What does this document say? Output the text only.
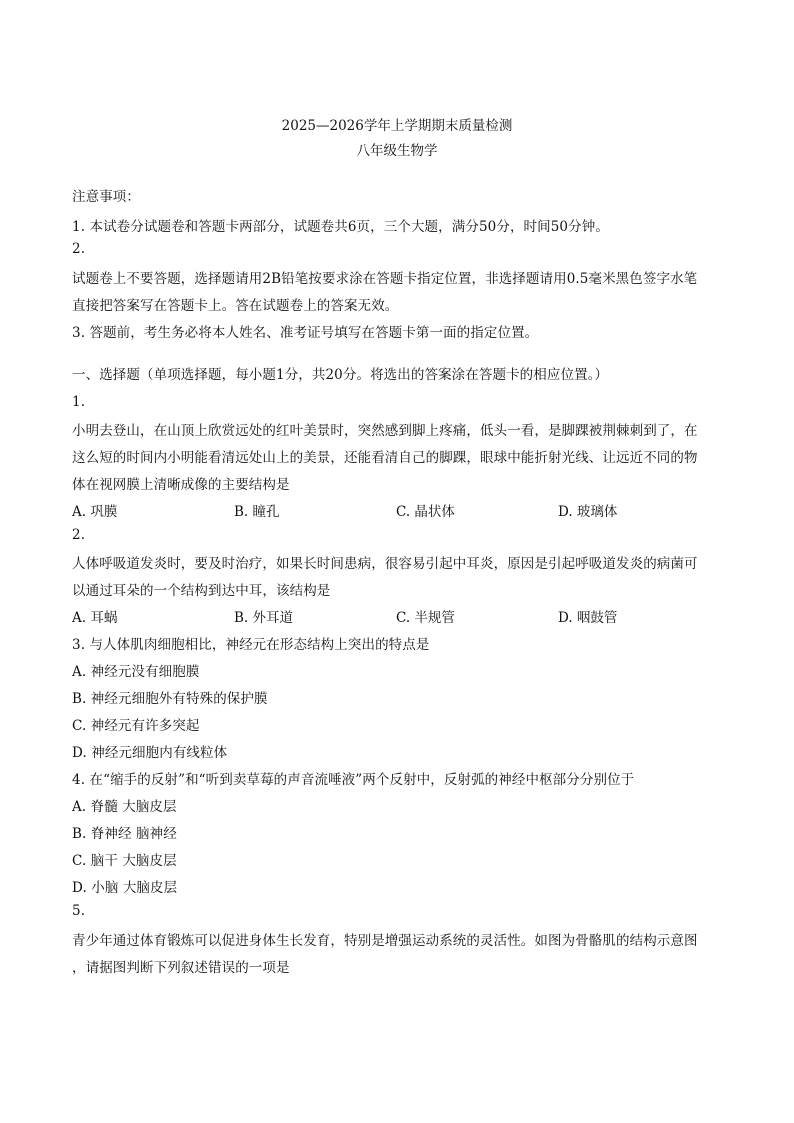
2025—2026学年上学期期末质量检测
八年级生物学
注意事项：
1. 本试卷分试题卷和答题卡两部分，试题卷共6页，三个大题，满分50分，时间50分钟。
2.
试题卷上不要答题，选择题请用2B铅笔按要求涂在答题卡指定位置，非选择题请用0.5毫米黑色签字水笔
直接把答案写在答题卡上。答在试题卷上的答案无效。
3. 答题前，考生务必将本人姓名、准考证号填写在答题卡第一面的指定位置。
一、选择题（单项选择题，每小题1分，共20分。将选出的答案涂在答题卡的相应位置。）
1.
小明去登山，在山顶上欣赏远处的红叶美景时，突然感到脚上疼痛，低头一看，是脚踝被荆棘刺到了，在
这么短的时间内小明能看清远处山上的美景，还能看清自己的脚踝，眼球中能折射光线、让远近不同的物
体在视网膜上清晰成像的主要结构是
A. 巩膜	B. 瞳孔	C. 晶状体	D. 玻璃体
2.
人体呼吸道发炎时，要及时治疗，如果长时间患病，很容易引起中耳炎，原因是引起呼吸道发炎的病菌可
以通过耳朵的一个结构到达中耳，该结构是
A. 耳蜗	B. 外耳道	C. 半规管	D. 咽鼓管
3. 与人体肌肉细胞相比，神经元在形态结构上突出的特点是
A. 神经元没有细胞膜
B. 神经元细胞外有特殊的保护膜
C. 神经元有许多突起
D. 神经元细胞内有线粒体
4. 在“缩手的反射”和“听到卖草莓的声音流唾液”两个反射中，反射弧的神经中枢部分分别位于
A. 脊髓 大脑皮层
B. 脊神经 脑神经
C. 脑干 大脑皮层
D. 小脑 大脑皮层
5.
青少年通过体育锻炼可以促进身体生长发育，特别是增强运动系统的灵活性。如图为骨骼肌的结构示意图
，请据图判断下列叙述错误的一项是
